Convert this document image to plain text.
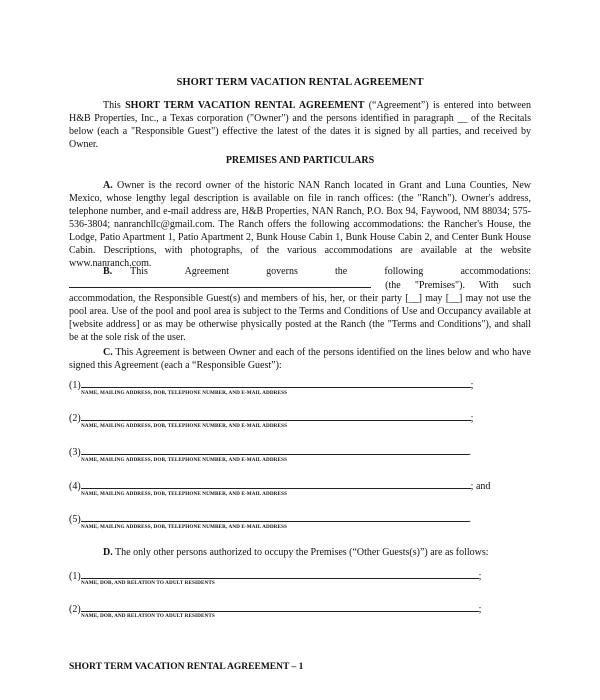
SHORT TERM VACATION RENTAL AGREEMENT
This SHORT TERM VACATION RENTAL AGREEMENT (“Agreement”) is entered into between H&B Properties, Inc., a Texas corporation ("Owner") and the persons identified in paragraph __ of the Recitals below (each a "Responsible Guest") effective the latest of the dates it is signed by all parties, and received by Owner.
PREMISES AND PARTICULARS
A. Owner is the record owner of the historic NAN Ranch located in Grant and Luna Counties, New Mexico, whose lengthy legal description is available on file in ranch offices: (the "Ranch"). Owner's address, telephone number, and e-mail address are, H&B Properties, NAN Ranch, P.O. Box 94, Faywood, NM 88034; 575-536-3804; nanranchllc@gmail.com. The Ranch offers the following accommodations: the Rancher's House, the Lodge, Patio Apartment 1, Patio Apartment 2, Bunk House Cabin 1, Bunk House Cabin 2, and Center Bunk House Cabin. Descriptions, with photographs, of the various accommodations are available at the website www.nanranch.com.
B. This Agreement governs the following accommodations:
(the "Premises"). With such accommodation, the Responsible Guest(s) and members of his, her, or their party [__] may [__] may not use the pool area. Use of the pool and pool area is subject to the Terms and Conditions of Use and Occupancy available at [website address] or as may be otherwise physically posted at the Ranch (the "Terms and Conditions"), and shall be at the sole risk of the user.
C. This Agreement is between Owner and each of the persons identified on the lines below and who have signed this Agreement (each a “Responsible Guest”):
(1)	;
NAME, MAILING ADDRESS, DOB, TELEPHONE NUMBER, AND E-MAIL ADDRESS
(2)	;
NAME, MAILING ADDRESS, DOB, TELEPHONE NUMBER, AND E-MAIL ADDRESS
(3)	.
NAME, MAILING ADDRESS, DOB, TELEPHONE NUMBER, AND E-MAIL ADDRESS
(4)	; and
NAME, MAILING ADDRESS, DOB, TELEPHONE NUMBER, AND E-MAIL ADDRESS
(5)	.
NAME, MAILING ADDRESS, DOB, TELEPHONE NUMBER, AND E-MAIL ADDRESS
D. The only other persons authorized to occupy the Premises (“Other Guests(s)”) are as follows:
(1)	;
NAME, DOB, AND RELATION TO ADULT RESIDENTS
(2)	;
NAME, DOB, AND RELATION TO ADULT RESIDENTS
SHORT TERM VACATION RENTAL AGREEMENT – 1
